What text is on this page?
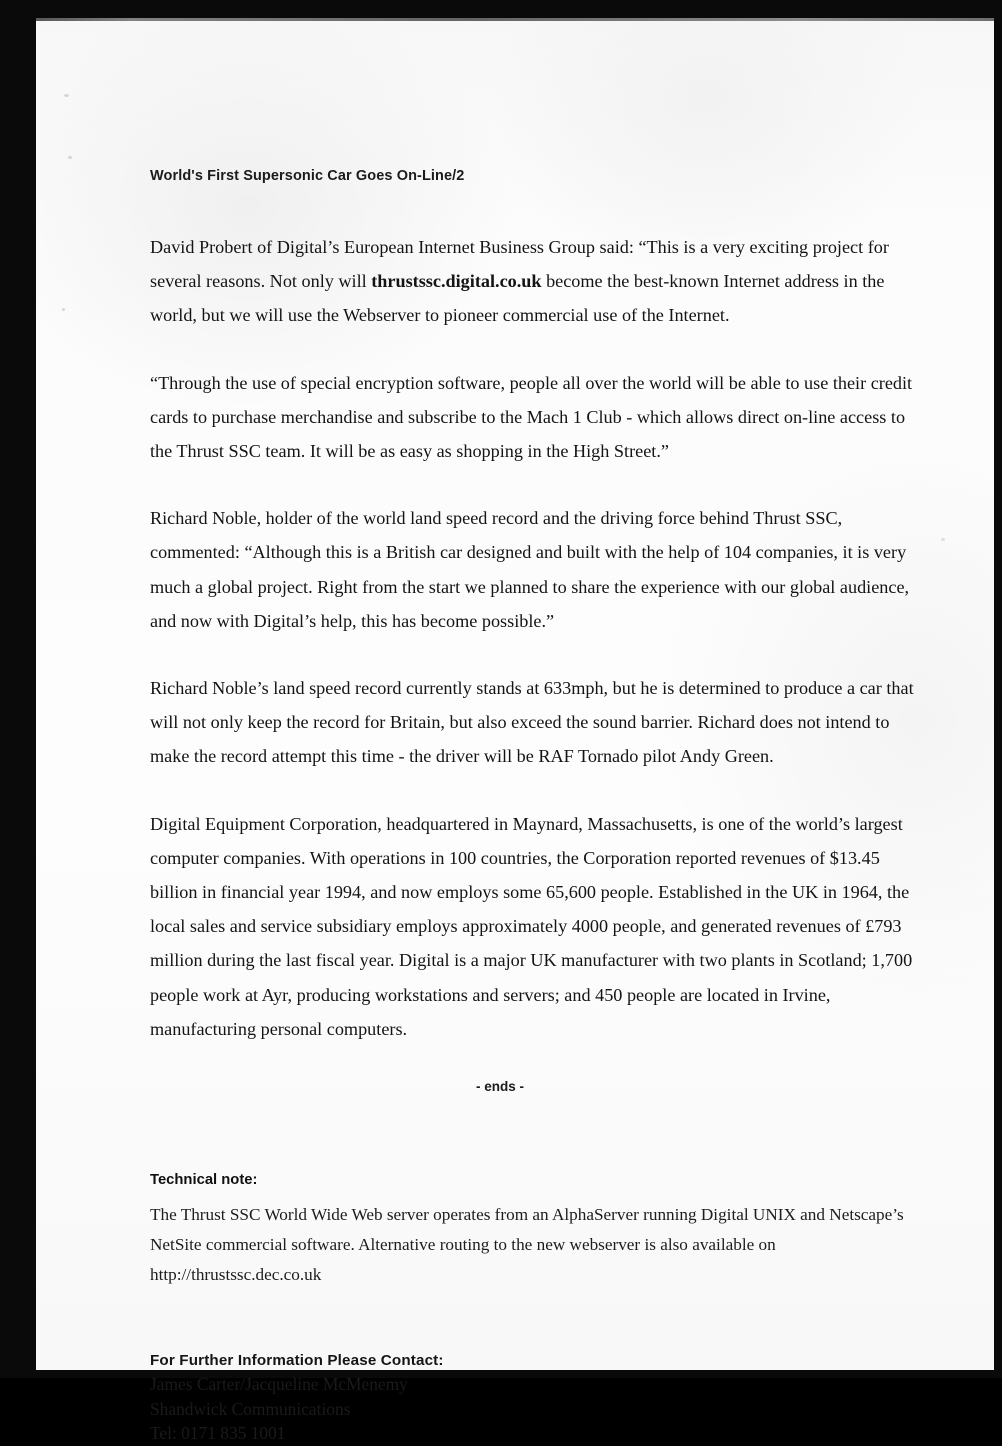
World's First Supersonic Car Goes On-Line/2

David Probert of Digital’s European Internet Business Group said: “This is a very exciting project for several reasons. Not only will thrustssc.digital.co.uk become the best-known Internet address in the world, but we will use the Webserver to pioneer commercial use of the Internet.

“Through the use of special encryption software, people all over the world will be able to use their credit cards to purchase merchandise and subscribe to the Mach 1 Club - which allows direct on-line access to the Thrust SSC team. It will be as easy as shopping in the High Street.”

Richard Noble, holder of the world land speed record and the driving force behind Thrust SSC, commented: “Although this is a British car designed and built with the help of 104 companies, it is very much a global project. Right from the start we planned to share the experience with our global audience, and now with Digital’s help, this has become possible.”

Richard Noble’s land speed record currently stands at 633mph, but he is determined to produce a car that will not only keep the record for Britain, but also exceed the sound barrier. Richard does not intend to make the record attempt this time - the driver will be RAF Tornado pilot Andy Green.

Digital Equipment Corporation, headquartered in Maynard, Massachusetts, is one of the world’s largest computer companies. With operations in 100 countries, the Corporation reported revenues of $13.45 billion in financial year 1994, and now employs some 65,600 people. Established in the UK in 1964, the local sales and service subsidiary employs approximately 4000 people, and generated revenues of £793 million during the last fiscal year. Digital is a major UK manufacturer with two plants in Scotland; 1,700 people work at Ayr, producing workstations and servers; and 450 people are located in Irvine, manufacturing personal computers.

- ends -
Technical note:

The Thrust SSC World Wide Web server operates from an AlphaServer running Digital UNIX and Netscape’s NetSite commercial software. Alternative routing to the new webserver is also available on http://thrustssc.dec.co.uk

For Further Information Please Contact:

James Carter/Jacqueline McMenemy

Shandwick Communications

Tel: 0171 835 1001
